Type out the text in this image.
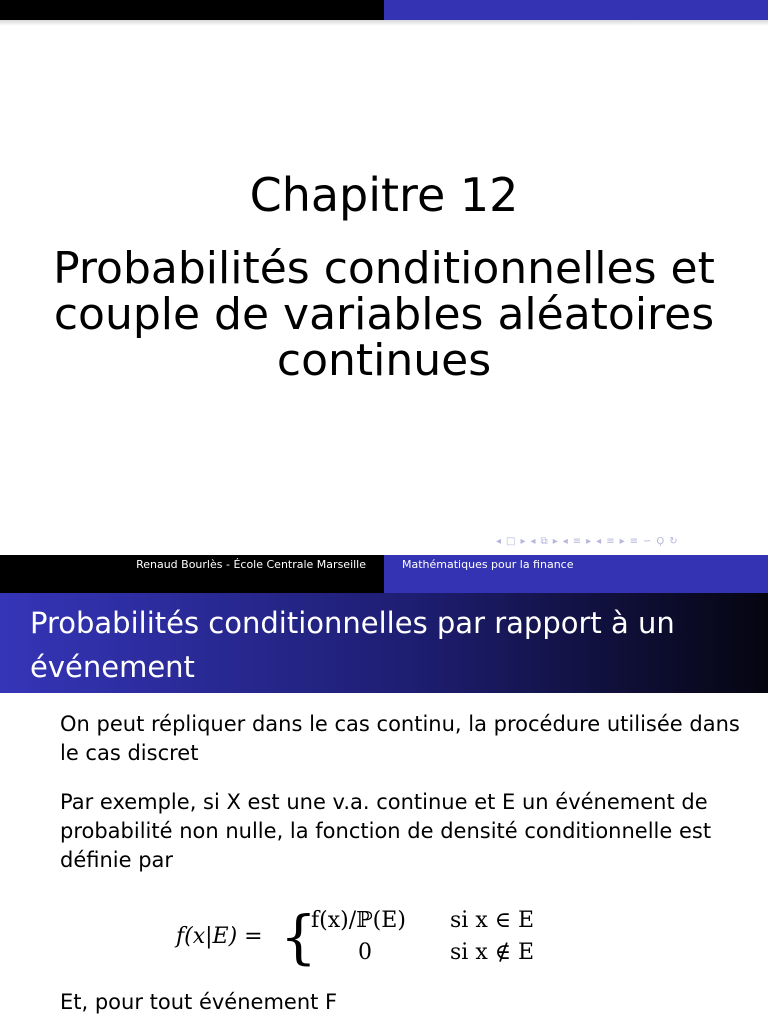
Chapitre 12
Probabilités conditionnelles et couple de variables aléatoires continues
◂ □ ▸ ◂ ⧉ ▸ ◂ ≡ ▸ ◂ ≡ ▸ ≡ ∽ Ϙ ↻
Renaud Bourlès - École Centrale Marseille	Mathématiques pour la finance
Probabilités conditionnelles par rapport à un événement

On peut répliquer dans le cas continu, la procédure utilisée dans le cas discret

Par exemple, si X est une v.a. continue et E un événement de probabilité non nulle, la fonction de densité conditionnelle est définie par

f(x|E) = {
f(x)/ℙ(E) si x ∈ E
0	si x ∉ E
Et, pour tout événement F
